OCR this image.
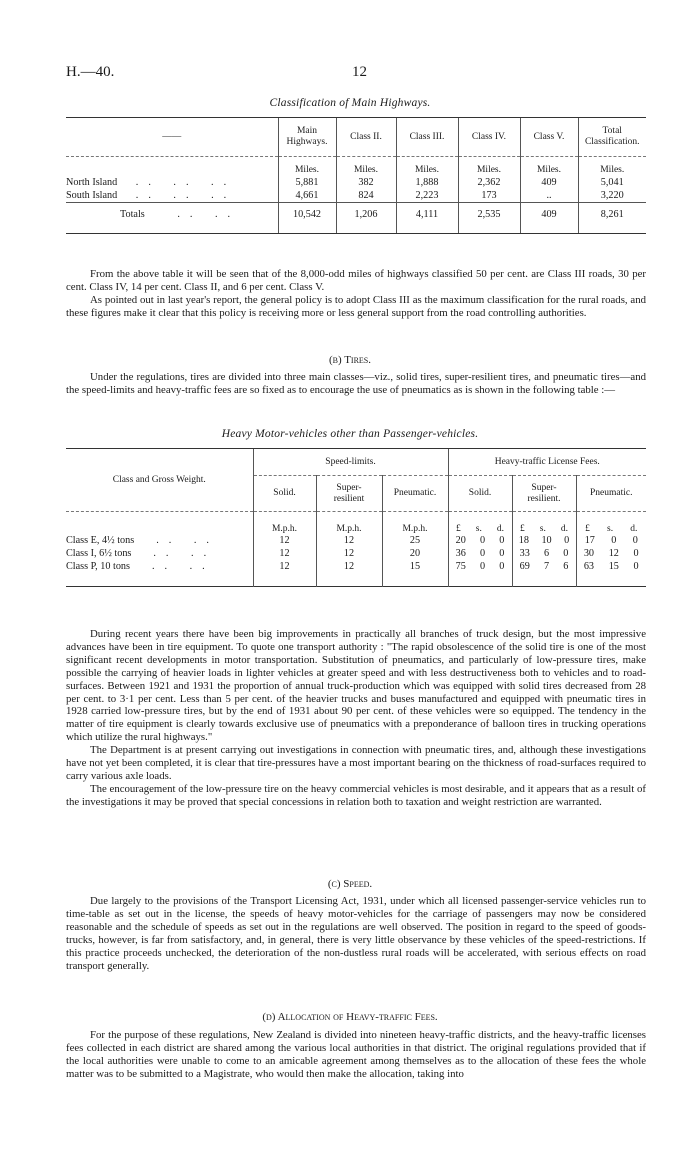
H.—40.	12
Classification of Main Highways.
——	Main Highways.	Class II.	Class III.	Class IV.	Class V.	Total Classification.
	Miles.	Miles.	Miles.	Miles.	Miles.	Miles.
North Island .. .. ..	5,881	382	1,888	2,362	409	5,041
South Island .. .. ..	4,661	824	2,223	173	..	3,220
Totals .. ..	10,542	1,206	4,111	2,535	409	8,261

From the above table it will be seen that of the 8,000-odd miles of highways classified 50 per cent. are Class III roads, 30 per cent. Class IV, 14 per cent. Class II, and 6 per cent. Class V.

As pointed out in last year's report, the general policy is to adopt Class III as the maximum classification for the rural roads, and these figures make it clear that this policy is receiving more or less general support from the road controlling authorities.

(b) Tires.

Under the regulations, tires are divided into three main classes—viz., solid tires, super-resilient tires, and pneumatic tires—and the speed-limits and heavy-traffic fees are so fixed as to encourage the use of pneumatics as is shown in the following table :—

Heavy Motor-vehicles other than Passenger-vehicles.
Class and Gross Weight.	Speed-limits.			Heavy-traffic License Fees.		
	Solid.	Super-resilient	Pneumatic.	Solid.	Super-resilient.	Pneumatic.
	M.p.h.	M.p.h.	M.p.h.	£ s. d.	£ s. d.	£ s. d.

Class E, 4½ tons .. ..	12	12	25	20 0 0	18 10 0	17 0 0

Class I, 6½ tons .. ..	12	12	20	36 0 0	33 6 0	30 12 0

Class P, 10 tons .. ..	12	12	15	75 0 0	69 7 6	63 15 0

During recent years there have been big improvements in practically all branches of truck design, but the most impressive advances have been in tire equipment. To quote one transport authority : "The rapid obsolescence of the solid tire is one of the most significant recent developments in motor transportation. Substitution of pneumatics, and particularly of low-pressure tires, make possible the carrying of heavier loads in lighter vehicles at greater speed and with less destructiveness both to vehicles and to road-surfaces. Between 1921 and 1931 the proportion of annual truck-production which was equipped with solid tires decreased from 28 per cent. to 3·1 per cent. Less than 5 per cent. of the heavier trucks and buses manufactured and equipped with pneumatic tires in 1928 carried low-pressure tires, but by the end of 1931 about 90 per cent. of these vehicles were so equipped. The tendency in the matter of tire equipment is clearly towards exclusive use of pneumatics with a preponderance of balloon tires in trucking operations which utilize the rural highways."

The Department is at present carrying out investigations in connection with pneumatic tires, and, although these investigations have not yet been completed, it is clear that tire-pressures have a most important bearing on the thickness of road-surfaces required to carry various axle loads.

The encouragement of the low-pressure tire on the heavy commercial vehicles is most desirable, and it appears that as a result of the investigations it may be proved that special concessions in relation both to taxation and weight restriction are warranted.

(c) Speed.

Due largely to the provisions of the Transport Licensing Act, 1931, under which all licensed passenger-service vehicles run to time-table as set out in the license, the speeds of heavy motor-vehicles for the carriage of passengers may now be considered reasonable and the schedule of speeds as set out in the regulations are well observed. The position in regard to the speed of goods-trucks, however, is far from satisfactory, and, in general, there is very little observance by these vehicles of the speed-restrictions. If this practice proceeds unchecked, the deterioration of the non-dustless rural roads will be accelerated, with serious effects on road transport generally.

(d) Allocation of Heavy-traffic Fees.

For the purpose of these regulations, New Zealand is divided into nineteen heavy-traffic districts, and the heavy-traffic licenses fees collected in each district are shared among the various local authorities in that district. The original regulations provided that if the local authorities were unable to come to an amicable agreement among themselves as to the allocation of these fees the whole matter was to be submitted to a Magistrate, who would then make the allocation, taking into
